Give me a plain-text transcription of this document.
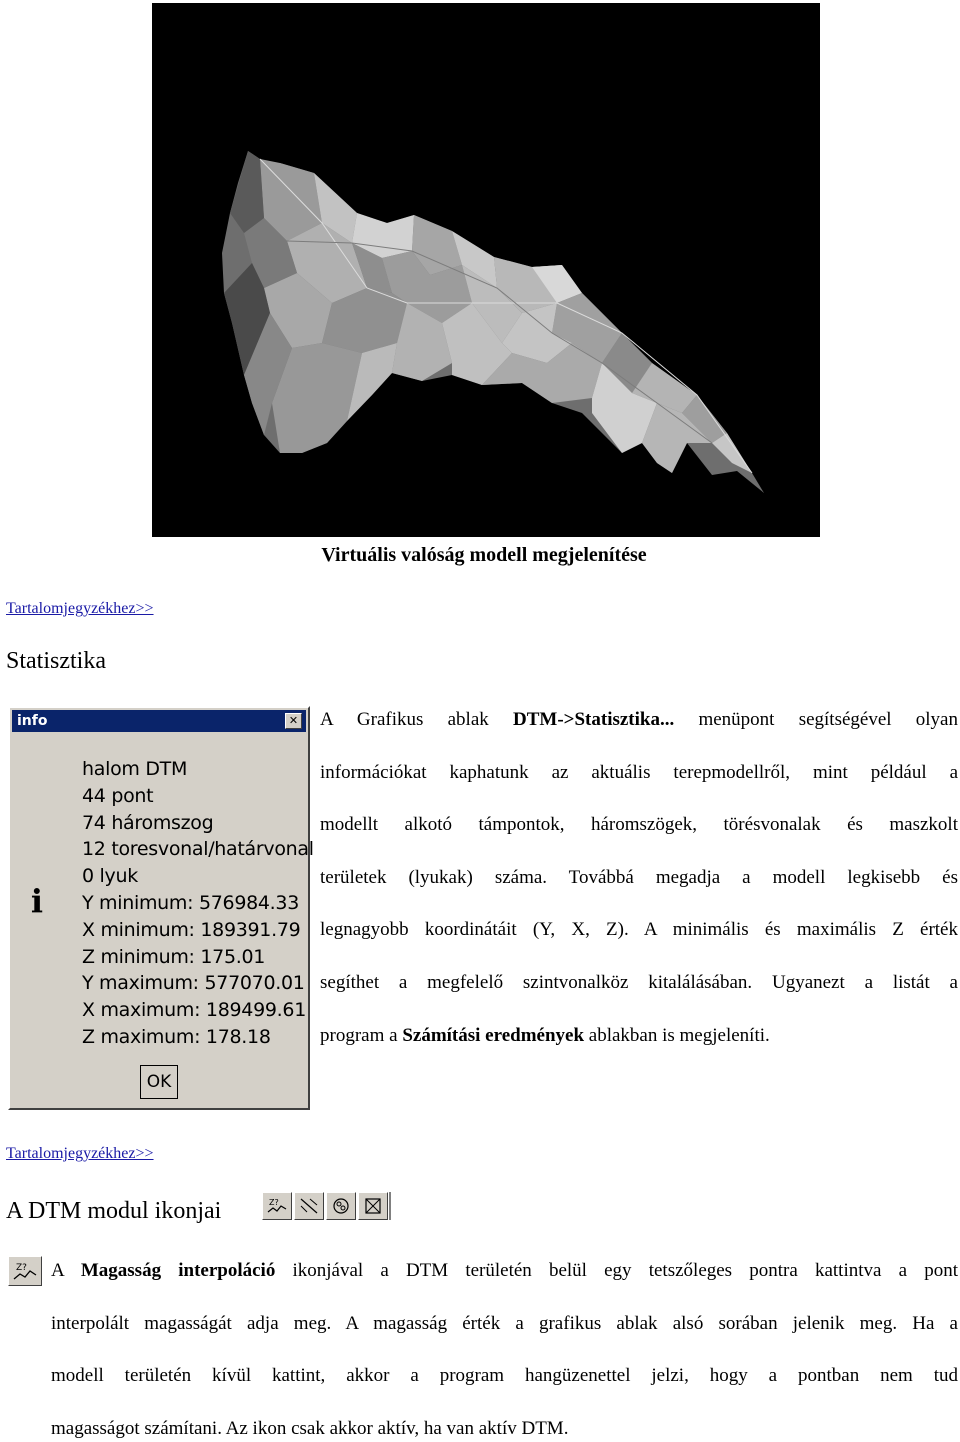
Virtuális valóság modell megjelenítése
Tartalomjegyzékhez>>
Statisztika
info	✕
i
halom DTM
44 pont
74 háromszog
12 toresvonal/határvonal
0 lyuk
Y minimum: 576984.33
X minimum: 189391.79
Z minimum: 175.01
Y maximum: 577070.01
X maximum: 189499.61
Z maximum: 178.18
OK

A Grafikus ablak DTM->Statisztika... menüpont segítségével olyan

információkat kaphatunk az aktuális terepmodellről, mint például a

modellt alkotó támpontok, háromszögek, törésvonalak és maszkolt

területek (lyukak) száma. Továbbá megadja a modell legkisebb és

legnagyobb koordinátáit (Y, X, Z). A minimális és maximális Z érték

segíthet a megfelelő szintvonalköz kitalálásában. Ugyanezt a listát a

program a Számítási eredmények ablakban is megjeleníti.

Tartalomjegyzékhez>>
A DTM modul ikonjai	Z?
Z? A Magasság interpoláció ikonjával a DTM területén belül egy tetszőleges pontra kattintva a pont

interpolált magasságát adja meg. A magasság érték a grafikus ablak alsó sorában jelenik meg. Ha a

modell területén kívül kattint, akkor a program hangüzenettel jelzi, hogy a pontban nem tud

magasságot számítani. Az ikon csak akkor aktív, ha van aktív DTM.
